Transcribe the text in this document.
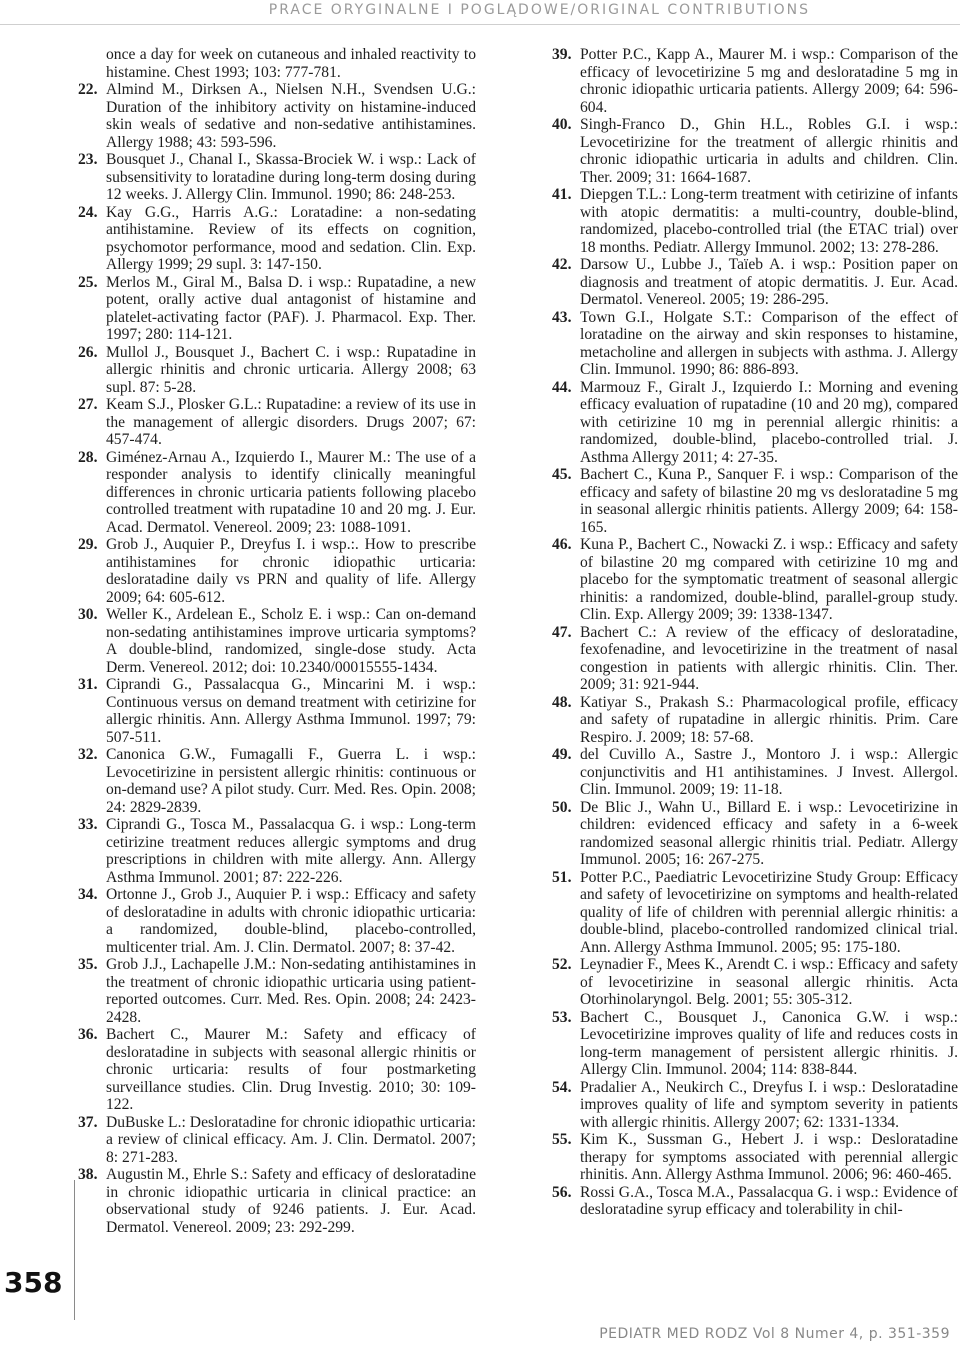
PRACE ORYGINALNE I POGLĄDOWE/ORIGINAL CONTRIBUTIONS
once a day for week on cutaneous and inhaled reactivity to histamine. Chest 1993; 103: 777-781.
22. Almind M., Dirksen A., Nielsen N.H., Svendsen U.G.: Duration of the inhibitory activity on histamine-induced skin weals of sedative and non-sedative antihistamines. Allergy 1988; 43: 593-596.
23. Bousquet J., Chanal I., Skassa-Brociek W. i wsp.: Lack of subsensitivity to loratadine during long-term dosing during 12 weeks. J. Allergy Clin. Immunol. 1990; 86: 248-253.
24. Kay G.G., Harris A.G.: Loratadine: a non-sedating antihistamine. Review of its effects on cognition, psychomotor performance, mood and sedation. Clin. Exp. Allergy 1999; 29 supl. 3: 147-150.
25. Merlos M., Giral M., Balsa D. i wsp.: Rupatadine, a new potent, orally active dual antagonist of histamine and platelet-activating factor (PAF). J. Pharmacol. Exp. Ther. 1997; 280: 114-121.
26. Mullol J., Bousquet J., Bachert C. i wsp.: Rupatadine in allergic rhinitis and chronic urticaria. Allergy 2008; 63 supl. 87: 5-28.
27. Keam S.J., Plosker G.L.: Rupatadine: a review of its use in the management of allergic disorders. Drugs 2007; 67: 457-474.
28. Giménez-Arnau A., Izquierdo I., Maurer M.: The use of a responder analysis to identify clinically meaningful differences in chronic urticaria patients following placebo controlled treatment with rupatadine 10 and 20 mg. J. Eur. Acad. Dermatol. Venereol. 2009; 23: 1088-1091.
29. Grob J., Auquier P., Dreyfus I. i wsp.:. How to prescribe antihistamines for chronic idiopathic urticaria: desloratadine daily vs PRN and quality of life. Allergy 2009; 64: 605-612.
30. Weller K., Ardelean E., Scholz E. i wsp.: Can on-demand non-sedating antihistamines improve urticaria symptoms? A double-blind, randomized, single-dose study. Acta Derm. Venereol. 2012; doi: 10.2340/00015555-1434.
31. Ciprandi G., Passalacqua G., Mincarini M. i wsp.: Continuous versus on demand treatment with cetirizine for allergic rhinitis. Ann. Allergy Asthma Immunol. 1997; 79: 507-511.
32. Canonica G.W., Fumagalli F., Guerra L. i wsp.: Levocetirizine in persistent allergic rhinitis: continuous or on-demand use? A pilot study. Curr. Med. Res. Opin. 2008; 24: 2829-2839.
33. Ciprandi G., Tosca M., Passalacqua G. i wsp.: Long-term cetirizine treatment reduces allergic symptoms and drug prescriptions in children with mite allergy. Ann. Allergy Asthma Immunol. 2001; 87: 222-226.
34. Ortonne J., Grob J., Auquier P. i wsp.: Efficacy and safety of desloratadine in adults with chronic idiopathic urticaria: a randomized, double-blind, placebo-controlled, multicenter trial. Am. J. Clin. Dermatol. 2007; 8: 37-42.
35. Grob J.J., Lachapelle J.M.: Non-sedating antihistamines in the treatment of chronic idiopathic urticaria using patient-reported outcomes. Curr. Med. Res. Opin. 2008; 24: 2423-2428.
36. Bachert C., Maurer M.: Safety and efficacy of desloratadine in subjects with seasonal allergic rhinitis or chronic urticaria: results of four postmarketing surveillance studies. Clin. Drug Investig. 2010; 30: 109-122.
37. DuBuske L.: Desloratadine for chronic idiopathic urticaria: a review of clinical efficacy. Am. J. Clin. Dermatol. 2007; 8: 271-283.
38. Augustin M., Ehrle S.: Safety and efficacy of desloratadine in chronic idiopathic urticaria in clinical practice: an observational study of 9246 patients. J. Eur. Acad. Dermatol. Venereol. 2009; 23: 292-299.
39. Potter P.C., Kapp A., Maurer M. i wsp.: Comparison of the efficacy of levocetirizine 5 mg and desloratadine 5 mg in chronic idiopathic urticaria patients. Allergy 2009; 64: 596-604.
40. Singh-Franco D., Ghin H.L., Robles G.I. i wsp.: Levocetirizine for the treatment of allergic rhinitis and chronic idiopathic urticaria in adults and children. Clin. Ther. 2009; 31: 1664-1687.
41. Diepgen T.L.: Long-term treatment with cetirizine of infants with atopic dermatitis: a multi-country, double-blind, randomized, placebo-controlled trial (the ETAC trial) over 18 months. Pediatr. Allergy Immunol. 2002; 13: 278-286.
42. Darsow U., Lubbe J., Taïeb A. i wsp.: Position paper on diagnosis and treatment of atopic dermatitis. J. Eur. Acad. Dermatol. Venereol. 2005; 19: 286-295.
43. Town G.I., Holgate S.T.: Comparison of the effect of loratadine on the airway and skin responses to histamine, metacholine and allergen in subjects with asthma. J. Allergy Clin. Immunol. 1990; 86: 886-893.
44. Marmouz F., Giralt J., Izquierdo I.: Morning and evening efficacy evaluation of rupatadine (10 and 20 mg), compared with cetirizine 10 mg in perennial allergic rhinitis: a randomized, double-blind, placebo-controlled trial. J. Asthma Allergy 2011; 4: 27-35.
45. Bachert C., Kuna P., Sanquer F. i wsp.: Comparison of the efficacy and safety of bilastine 20 mg vs desloratadine 5 mg in seasonal allergic rhinitis patients. Allergy 2009; 64: 158-165.
46. Kuna P., Bachert C., Nowacki Z. i wsp.: Efficacy and safety of bilastine 20 mg compared with cetirizine 10 mg and placebo for the symptomatic treatment of seasonal allergic rhinitis: a randomized, double-blind, parallel-group study. Clin. Exp. Allergy 2009; 39: 1338-1347.
47. Bachert C.: A review of the efficacy of desloratadine, fexofenadine, and levocetirizine in the treatment of nasal congestion in patients with allergic rhinitis. Clin. Ther. 2009; 31: 921-944.
48. Katiyar S., Prakash S.: Pharmacological profile, efficacy and safety of rupatadine in allergic rhinitis. Prim. Care Respiro. J. 2009; 18: 57-68.
49. del Cuvillo A., Sastre J., Montoro J. i wsp.: Allergic conjunctivitis and H1 antihistamines. J Invest. Allergol. Clin. Immunol. 2009; 19: 11-18.
50. De Blic J., Wahn U., Billard E. i wsp.: Levocetirizine in children: evidenced efficacy and safety in a 6-week randomized seasonal allergic rhinitis trial. Pediatr. Allergy Immunol. 2005; 16: 267-275.
51. Potter P.C., Paediatric Levocetirizine Study Group: Efficacy and safety of levocetirizine on symptoms and health-related quality of life of children with perennial allergic rhinitis: a double-blind, placebo-controlled randomized clinical trial. Ann. Allergy Asthma Immunol. 2005; 95: 175-180.
52. Leynadier F., Mees K., Arendt C. i wsp.: Efficacy and safety of levocetirizine in seasonal allergic rhinitis. Acta Otorhinolaryngol. Belg. 2001; 55: 305-312.
53. Bachert C., Bousquet J., Canonica G.W. i wsp.: Levocetirizine improves quality of life and reduces costs in long-term management of persistent allergic rhinitis. J. Allergy Clin. Immunol. 2004; 114: 838-844.
54. Pradalier A., Neukirch C., Dreyfus I. i wsp.: Desloratadine improves quality of life and symptom severity in patients with allergic rhinitis. Allergy 2007; 62: 1331-1334.
55. Kim K., Sussman G., Hebert J. i wsp.: Desloratadine therapy for symptoms associated with perennial allergic rhinitis. Ann. Allergy Asthma Immunol. 2006; 96: 460-465.
56. Rossi G.A., Tosca M.A., Passalacqua G. i wsp.: Evidence of desloratadine syrup efficacy and tolerability in chil-
358
PEDIATR MED RODZ Vol 8 Numer 4, p. 351-359
